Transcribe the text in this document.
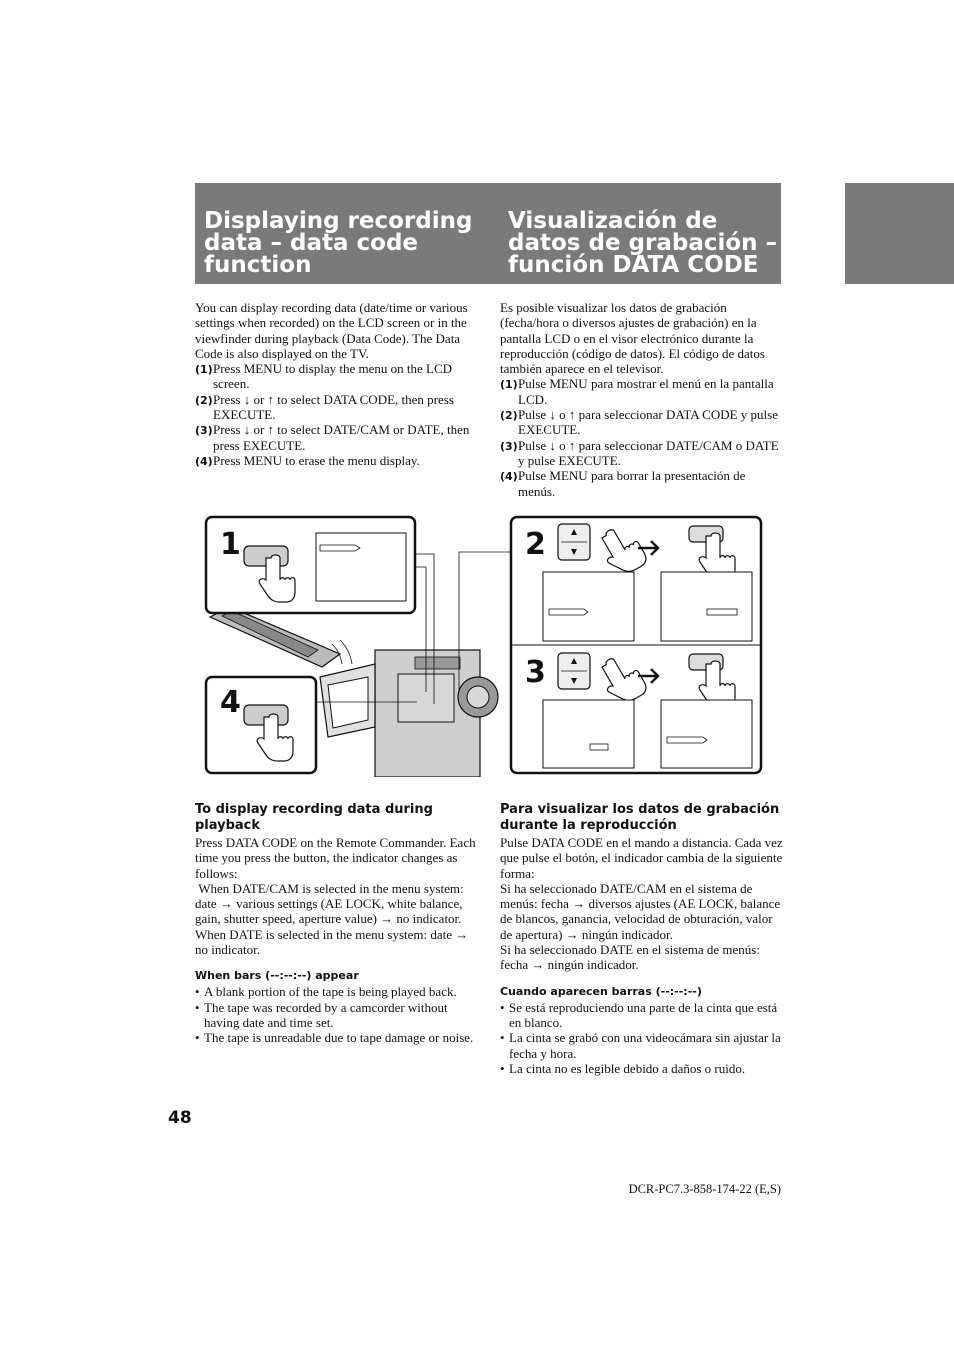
Displaying recording data – data code function
Visualización de datos de grabación – función DATA CODE

You can display recording data (date/time or various settings when recorded) on the LCD screen or in the viewfinder during playback (Data Code). The Data Code is also displayed on the TV.

(1) Press MENU to display the menu on the LCD screen.
(2) Press ↓ or ↑ to select DATA CODE, then press EXECUTE.
(3) Press ↓ or ↑ to select DATE/CAM or DATE, then press EXECUTE.
(4) Press MENU to erase the menu display.

Es posible visualizar los datos de grabación (fecha/hora o diversos ajustes de grabación) en la pantalla LCD o en el visor electrónico durante la reproducción (código de datos). El código de datos también aparece en el televisor.

(1) Pulse MENU para mostrar el menú en la pantalla LCD.
(2) Pulse ↓ o ↑ para seleccionar DATA CODE y pulse EXECUTE.
(3) Pulse ↓ o ↑ para seleccionar DATE/CAM o DATE y pulse EXECUTE.
(4) Pulse MENU para borrar la presentación de menús.
1
4
2
3
To display recording data during playback

Press DATA CODE on the Remote Commander. Each time you press the button, the indicator changes as follows:

When DATE/CAM is selected in the menu system: date → various settings (AE LOCK, white balance, gain, shutter speed, aperture value) → no indicator.

When DATE is selected in the menu system: date → no indicator.

When bars (--:--:--) appear
• A blank portion of the tape is being played back.
• The tape was recorded by a camcorder without having date and time set.
• The tape is unreadable due to tape damage or noise.
Para visualizar los datos de grabación durante la reproducción

Pulse DATA CODE en el mando a distancia. Cada vez que pulse el botón, el indicador cambia de la siguiente forma:

Si ha seleccionado DATE/CAM en el sistema de menús: fecha → diversos ajustes (AE LOCK, balance de blancos, ganancia, velocidad de obturación, valor de apertura) → ningún indicador.

Si ha seleccionado DATE en el sistema de menús: fecha → ningún indicador.

Cuando aparecen barras (--:--:--)
• Se está reproduciendo una parte de la cinta que está en blanco.
• La cinta se grabó con una videocámara sin ajustar la fecha y hora.
• La cinta no es legible debido a daños o ruido.
48
DCR-PC7.3-858-174-22 (E,S)
